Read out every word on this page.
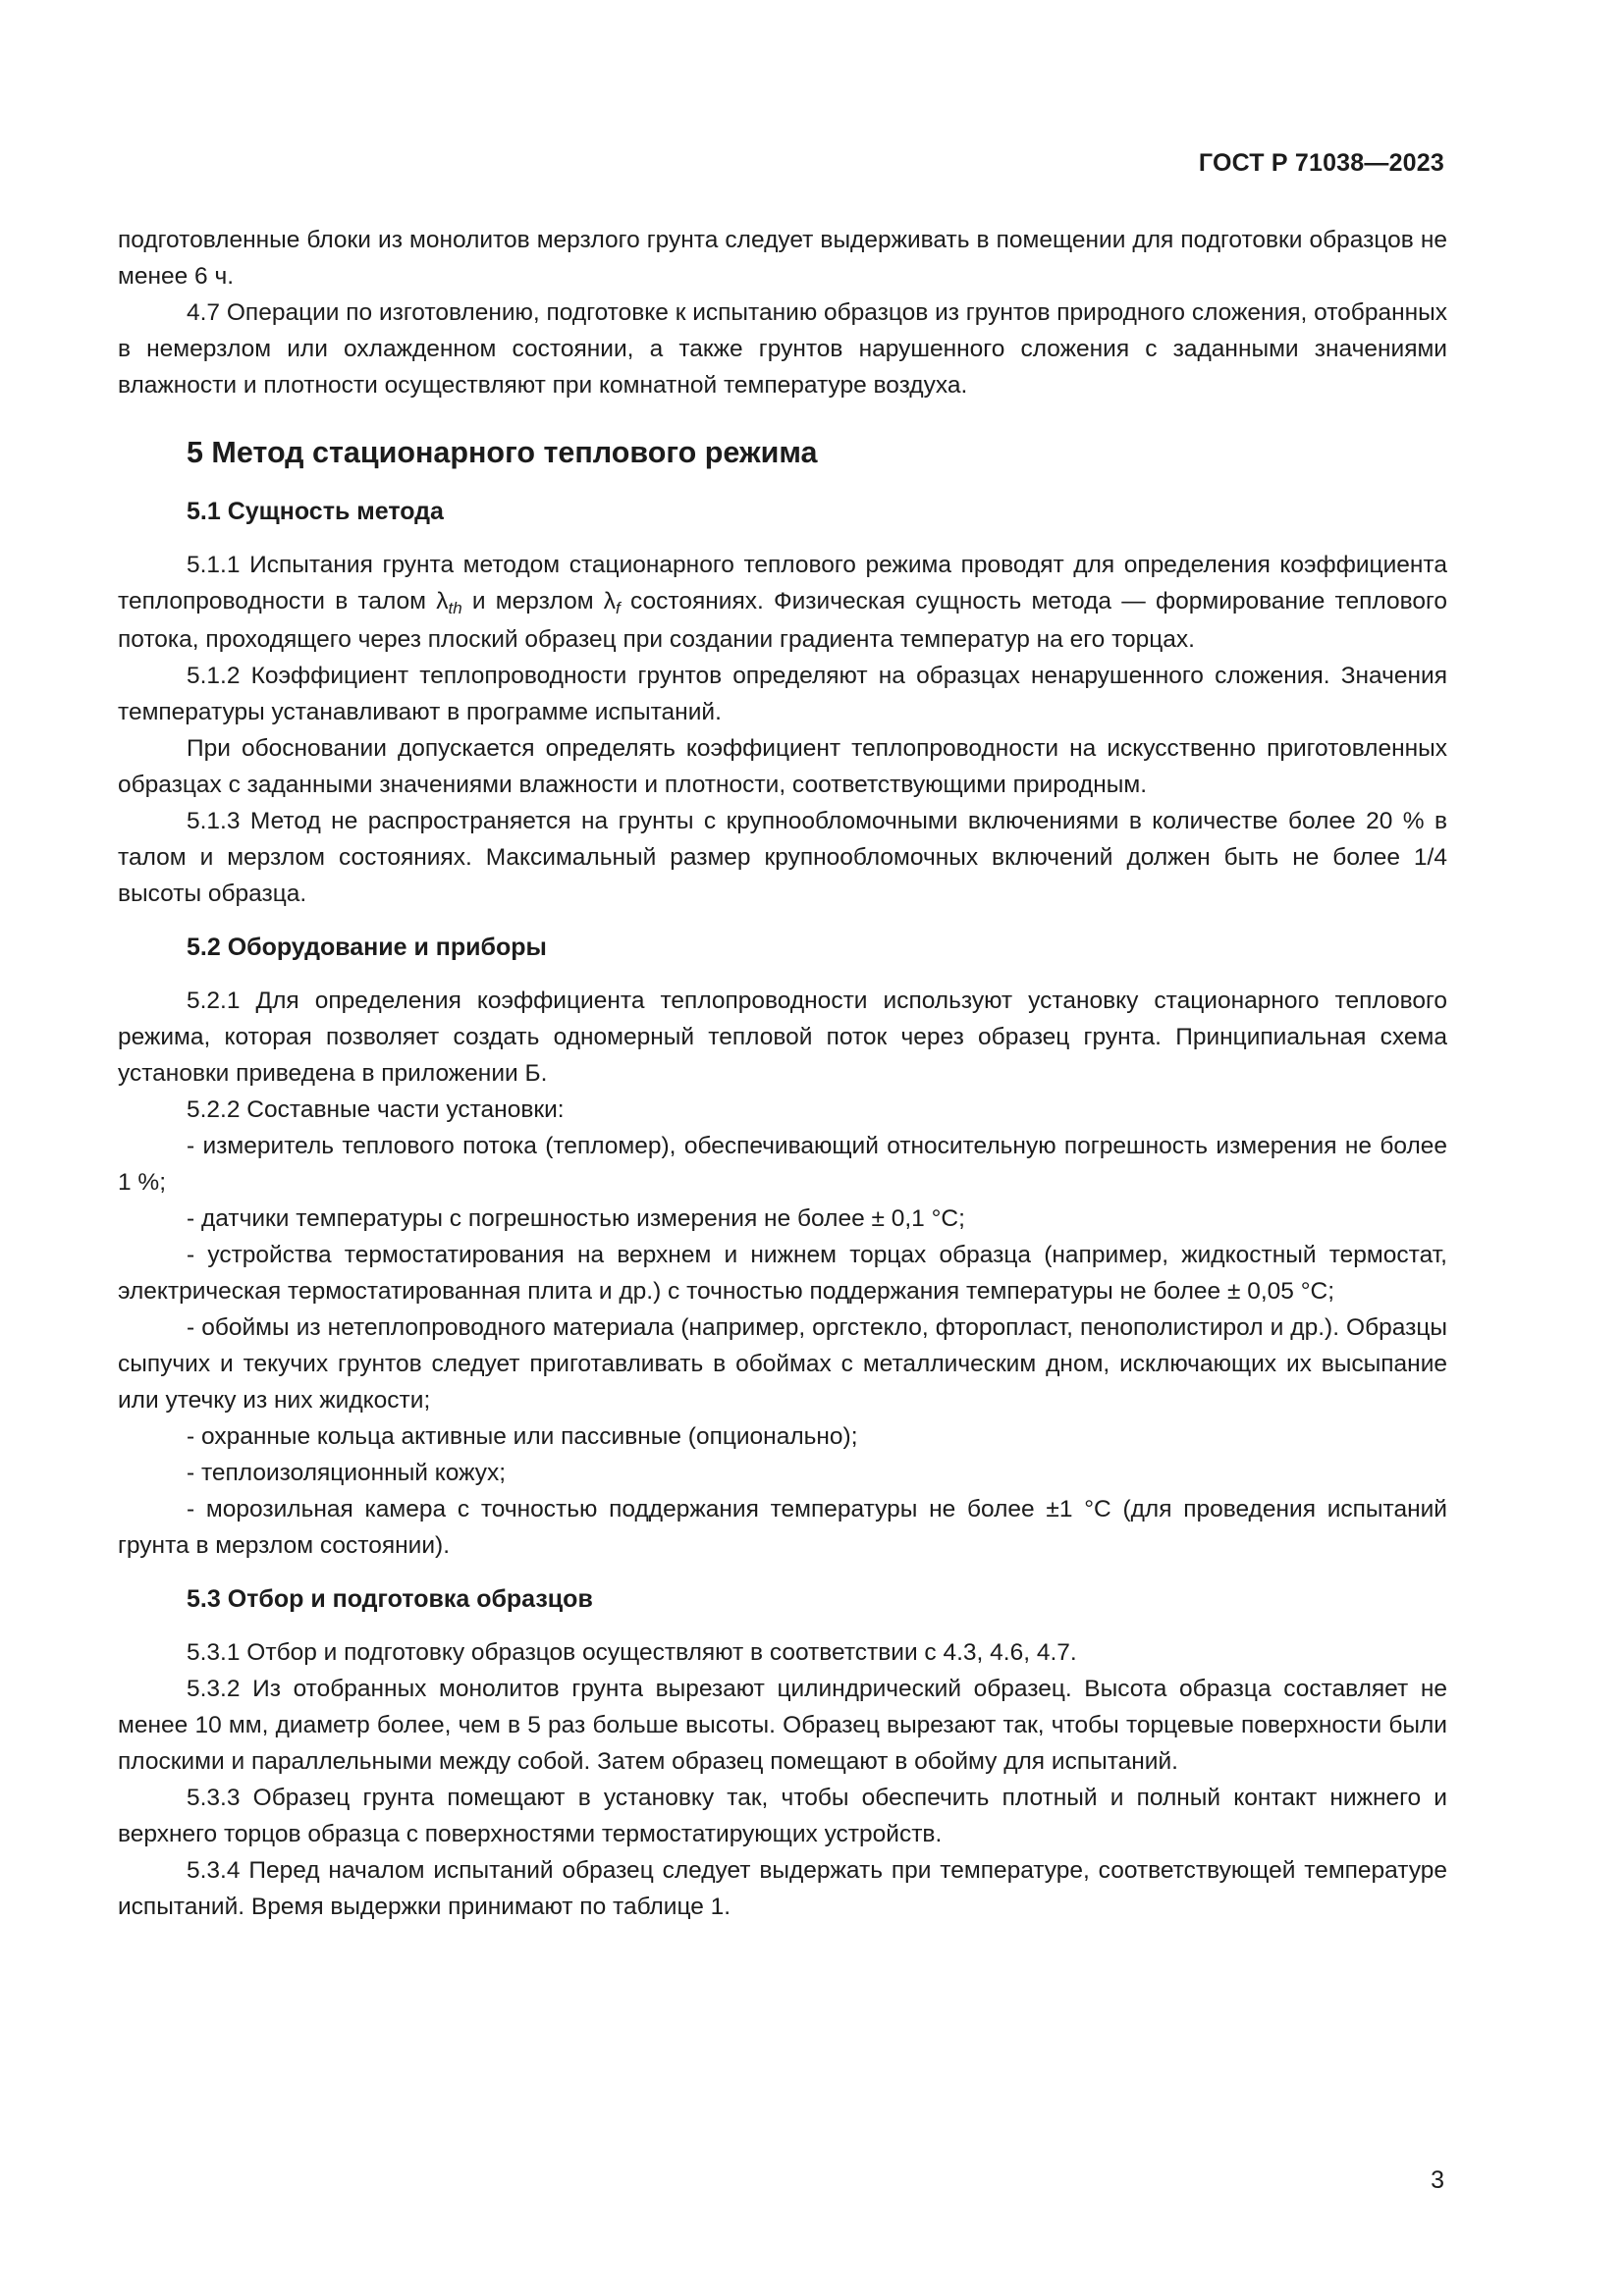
ГОСТ Р 71038—2023

подготовленные блоки из монолитов мерзлого грунта следует выдерживать в помещении для подготовки образцов не менее 6 ч.

4.7 Операции по изготовлению, подготовке к испытанию образцов из грунтов природного сложения, отобранных в немерзлом или охлажденном состоянии, а также грунтов нарушенного сложения с заданными значениями влажности и плотности осуществляют при комнатной температуре воздуха.

5 Метод стационарного теплового режима
5.1 Сущность метода

5.1.1 Испытания грунта методом стационарного теплового режима проводят для определения коэффициента теплопроводности в талом $\lambda_{th}$ и мерзлом $\lambda_f$ состояниях. Физическая сущность метода — формирование теплового потока, проходящего через плоский образец при создании градиента температур на его торцах.

5.1.2 Коэффициент теплопроводности грунтов определяют на образцах ненарушенного сложения. Значения температуры устанавливают в программе испытаний.

При обосновании допускается определять коэффициент теплопроводности на искусственно приготовленных образцах с заданными значениями влажности и плотности, соответствующими природным.

5.1.3 Метод не распространяется на грунты с крупнообломочными включениями в количестве более 20 % в талом и мерзлом состояниях. Максимальный размер крупнообломочных включений должен быть не более 1/4 высоты образца.

5.2 Оборудование и приборы

5.2.1 Для определения коэффициента теплопроводности используют установку стационарного теплового режима, которая позволяет создать одномерный тепловой поток через образец грунта. Принципиальная схема установки приведена в приложении Б.

5.2.2 Составные части установки:

- измеритель теплового потока (тепломер), обеспечивающий относительную погрешность измерения не более 1 %;

- датчики температуры с погрешностью измерения не более ± 0,1 °C;

- устройства термостатирования на верхнем и нижнем торцах образца (например, жидкостный термостат, электрическая термостатированная плита и др.) с точностью поддержания температуры не более ± 0,05 °C;

- обоймы из нетеплопроводного материала (например, оргстекло, фторопласт, пенополистирол и др.). Образцы сыпучих и текучих грунтов следует приготавливать в обоймах с металлическим дном, исключающих их высыпание или утечку из них жидкости;

- охранные кольца активные или пассивные (опционально);

- теплоизоляционный кожух;

- морозильная камера с точностью поддержания температуры не более ±1 °C (для проведения испытаний грунта в мерзлом состоянии).

5.3 Отбор и подготовка образцов

5.3.1 Отбор и подготовку образцов осуществляют в соответствии с 4.3, 4.6, 4.7.

5.3.2 Из отобранных монолитов грунта вырезают цилиндрический образец. Высота образца составляет не менее 10 мм, диаметр более, чем в 5 раз больше высоты. Образец вырезают так, чтобы торцевые поверхности были плоскими и параллельными между собой. Затем образец помещают в обойму для испытаний.

5.3.3 Образец грунта помещают в установку так, чтобы обеспечить плотный и полный контакт нижнего и верхнего торцов образца с поверхностями термостатирующих устройств.

5.3.4 Перед началом испытаний образец следует выдержать при температуре, соответствующей температуре испытаний. Время выдержки принимают по таблице 1.

3
